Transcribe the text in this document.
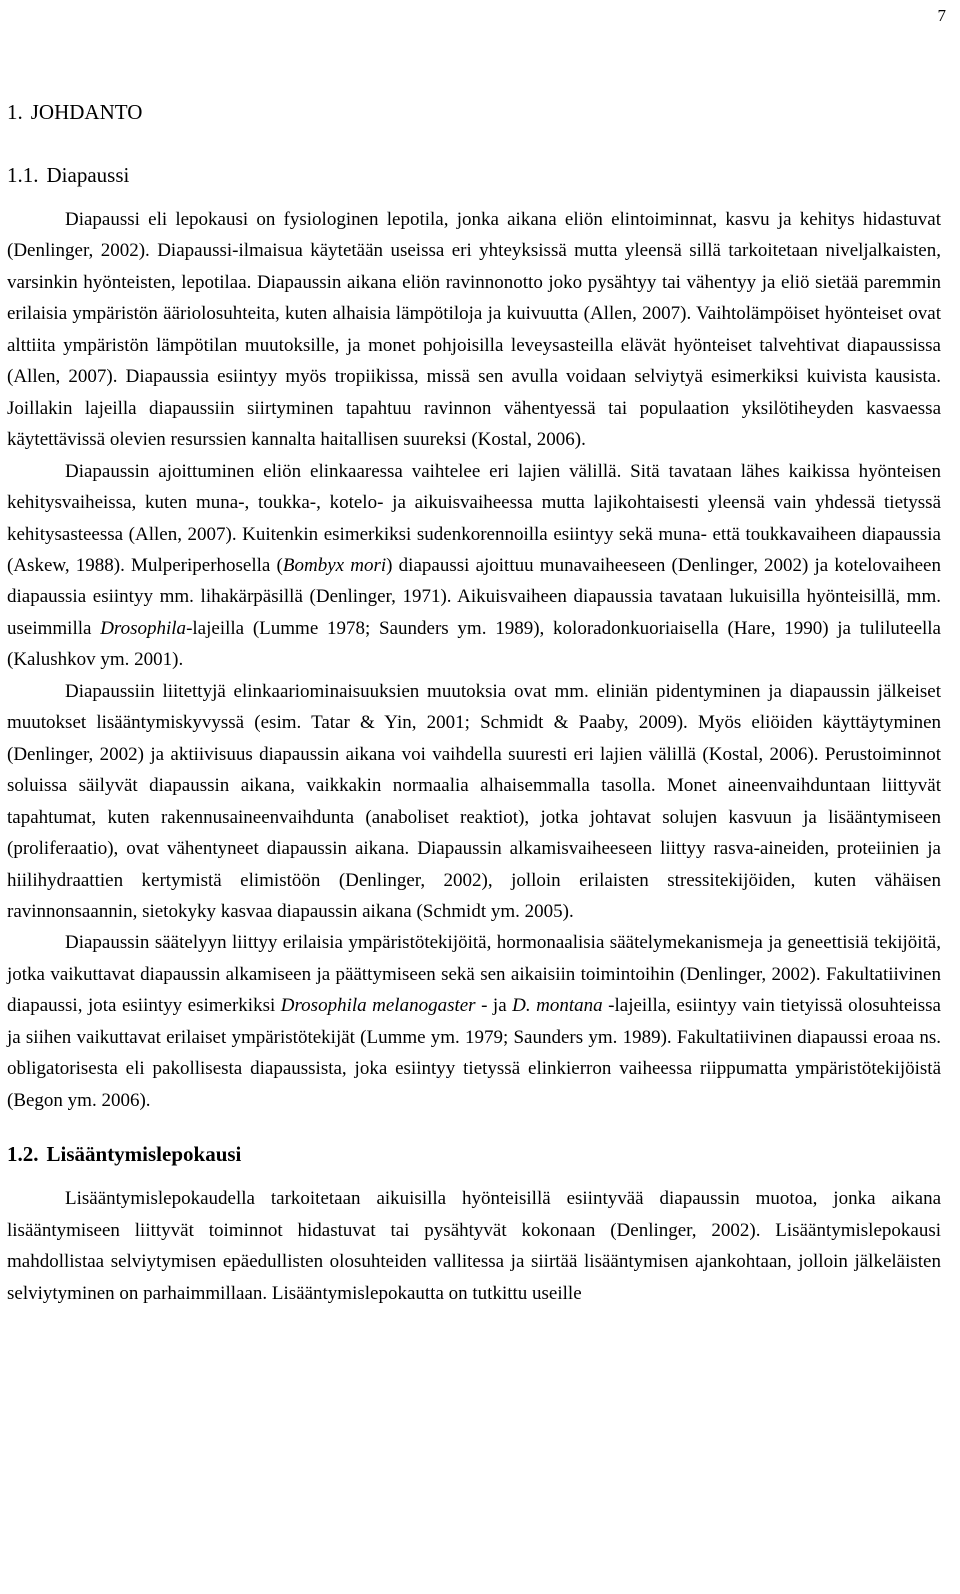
7
1. JOHDANTO
1.1. Diapaussi

Diapaussi eli lepokausi on fysiologinen lepotila, jonka aikana eliön elintoiminnat, kasvu ja kehitys hidastuvat (Denlinger, 2002). Diapaussi-ilmaisua käytetään useissa eri yhteyksissä mutta yleensä sillä tarkoitetaan niveljalkaisten, varsinkin hyönteisten, lepotilaa. Diapaussin aikana eliön ravinnonotto joko pysähtyy tai vähentyy ja eliö sietää paremmin erilaisia ympäristön ääriolosuhteita, kuten alhaisia lämpötiloja ja kuivuutta (Allen, 2007). Vaihtolämpöiset hyönteiset ovat alttiita ympäristön lämpötilan muutoksille, ja monet pohjoisilla leveysasteilla elävät hyönteiset talvehtivat diapaussissa (Allen, 2007). Diapaussia esiintyy myös tropiikissa, missä sen avulla voidaan selviytyä esimerkiksi kuivista kausista. Joillakin lajeilla diapaussiin siirtyminen tapahtuu ravinnon vähentyessä tai populaation yksilötiheyden kasvaessa käytettävissä olevien resurssien kannalta haitallisen suureksi (Kostal, 2006).

Diapaussin ajoittuminen eliön elinkaaressa vaihtelee eri lajien välillä. Sitä tavataan lähes kaikissa hyönteisen kehitysvaiheissa, kuten muna-, toukka-, kotelo- ja aikuisvaiheessa mutta lajikohtaisesti yleensä vain yhdessä tietyssä kehitysasteessa (Allen, 2007). Kuitenkin esimerkiksi sudenkorennoilla esiintyy sekä muna- että toukkavaiheen diapaussia (Askew, 1988). Mulperiperhosella (Bombyx mori) diapaussi ajoittuu munavaiheeseen (Denlinger, 2002) ja kotelovaiheen diapaussia esiintyy mm. lihakärpäsillä (Denlinger, 1971). Aikuisvaiheen diapaussia tavataan lukuisilla hyönteisillä, mm. useimmilla Drosophila-lajeilla (Lumme 1978; Saunders ym. 1989), koloradonkuoriaisella (Hare, 1990) ja tuliluteella (Kalushkov ym. 2001).

Diapaussiin liitettyjä elinkaariominaisuuksien muutoksia ovat mm. eliniän pidentyminen ja diapaussin jälkeiset muutokset lisääntymiskyvyssä (esim. Tatar & Yin, 2001; Schmidt & Paaby, 2009). Myös eliöiden käyttäytyminen (Denlinger, 2002) ja aktiivisuus diapaussin aikana voi vaihdella suuresti eri lajien välillä (Kostal, 2006). Perustoiminnot soluissa säilyvät diapaussin aikana, vaikkakin normaalia alhaisemmalla tasolla. Monet aineenvaihduntaan liittyvät tapahtumat, kuten rakennusaineenvaihdunta (anaboliset reaktiot), jotka johtavat solujen kasvuun ja lisääntymiseen (proliferaatio), ovat vähentyneet diapaussin aikana. Diapaussin alkamisvaiheeseen liittyy rasva-aineiden, proteiinien ja hiilihydraattien kertymistä elimistöön (Denlinger, 2002), jolloin erilaisten stressitekijöiden, kuten vähäisen ravinnonsaannin, sietokyky kasvaa diapaussin aikana (Schmidt ym. 2005).

Diapaussin säätelyyn liittyy erilaisia ympäristötekijöitä, hormonaalisia säätelymekanismeja ja geneettisiä tekijöitä, jotka vaikuttavat diapaussin alkamiseen ja päättymiseen sekä sen aikaisiin toimintoihin (Denlinger, 2002). Fakultatiivinen diapaussi, jota esiintyy esimerkiksi Drosophila melanogaster - ja D. montana -lajeilla, esiintyy vain tietyissä olosuhteissa ja siihen vaikuttavat erilaiset ympäristötekijät (Lumme ym. 1979; Saunders ym. 1989). Fakultatiivinen diapaussi eroaa ns. obligatorisesta eli pakollisesta diapaussista, joka esiintyy tietyssä elinkierron vaiheessa riippumatta ympäristötekijöistä (Begon ym. 2006).

1.2. Lisääntymislepokausi

Lisääntymislepokaudella tarkoitetaan aikuisilla hyönteisillä esiintyvää diapaussin muotoa, jonka aikana lisääntymiseen liittyvät toiminnot hidastuvat tai pysähtyvät kokonaan (Denlinger, 2002). Lisääntymislepokausi mahdollistaa selviytymisen epäedullisten olosuhteiden vallitessa ja siirtää lisääntymisen ajankohtaan, jolloin jälkeläisten selviytyminen on parhaimmillaan. Lisääntymislepokautta on tutkittu useille
